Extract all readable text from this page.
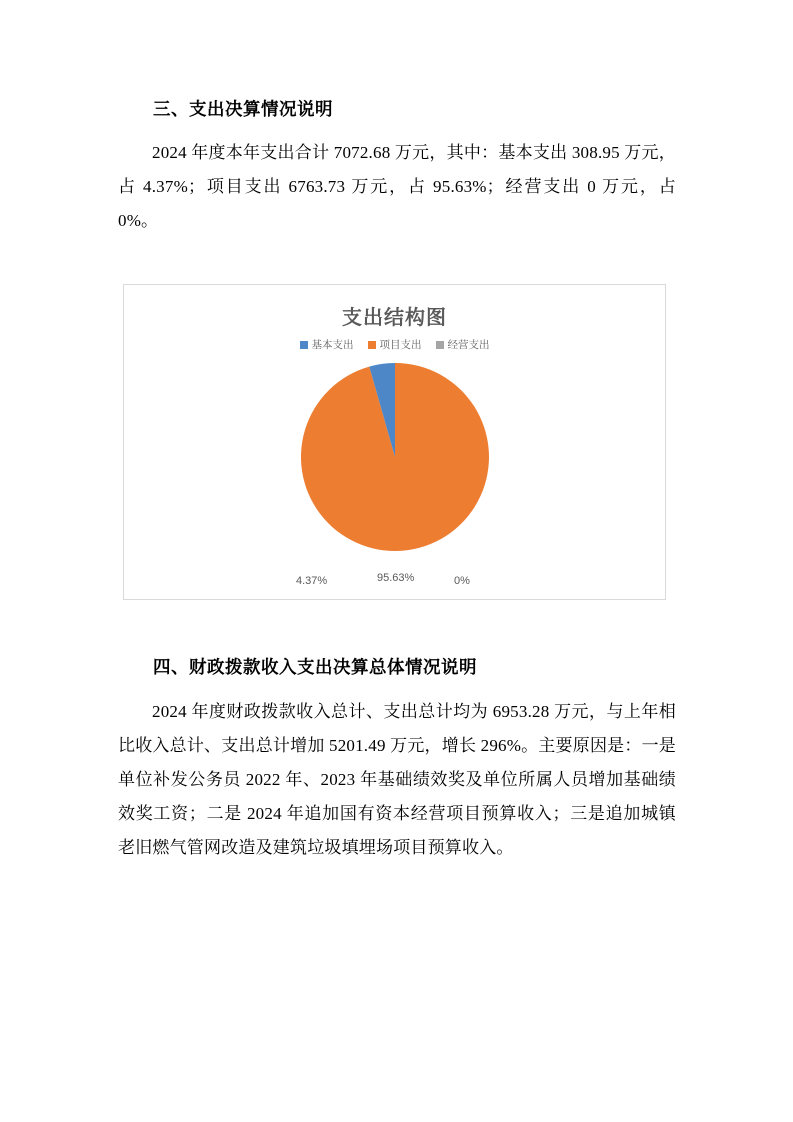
三、支出决算情况说明

2024 年度本年支出合计 7072.68 万元，其中：基本支出 308.95 万元，占 4.37%；项目支出 6763.73 万元，占 95.63%；经营支出 0 万元，占 0%。

支出结构图
基本支出 项目支出 经营支出
4.37%	95.63%	0%
四、财政拨款收入支出决算总体情况说明

2024 年度财政拨款收入总计、支出总计均为 6953.28 万元，与上年相比收入总计、支出总计增加 5201.49 万元，增长 296%。主要原因是：一是单位补发公务员 2022 年、2023 年基础绩效奖及单位所属人员增加基础绩效奖工资；二是 2024 年追加国有资本经营项目预算收入；三是追加城镇老旧燃气管网改造及建筑垃圾填埋场项目预算收入。
